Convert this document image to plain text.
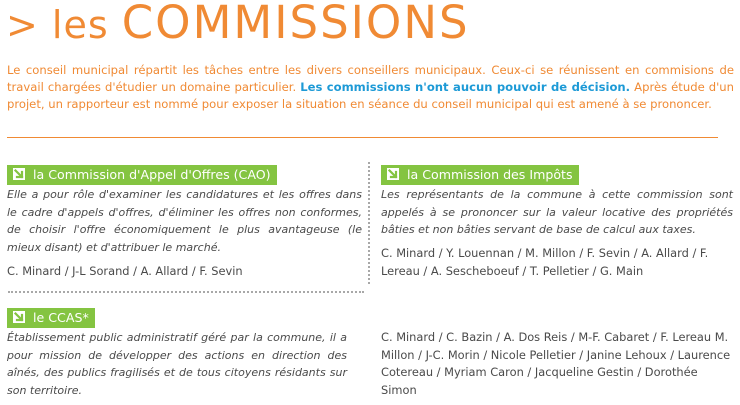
> les COMMISSIONS

Le conseil municipal répartit les tâches entre les divers conseillers municipaux. Ceux-ci se réunissent en commisions de travail chargées d'étudier un domaine particulier. Les commissions n'ont aucun pouvoir de décision. Après étude d'un projet, un rapporteur est nommé pour exposer la situation en séance du conseil municipal qui est amené à se prononcer.

la Commission d'Appel d'Offres (CAO)

Elle a pour rôle d'examiner les candidatures et les offres dans le cadre d'appels d'offres, d'éliminer les offres non conformes, de choisir l'offre économiquement le plus avantageuse (le mieux disant) et d'attribuer le marché.

C. Minard / J-L Sorand / A. Allard / F. Sevin

la Commission des Impôts

Les représentants de la commune à cette commission sont appelés à se prononcer sur la valeur locative des propriétés bâties et non bâties servant de base de calcul aux taxes.

C. Minard / Y. Louennan / M. Millon / F. Sevin / A. Allard / F. Lereau / A. Sescheboeuf / T. Pelletier / G. Main

le CCAS*

Établissement public administratif géré par la commune, il a pour mission de développer des actions en direction des aînés, des publics fragilisés et de tous citoyens résidants sur son territoire.

C. Minard / C. Bazin / A. Dos Reis / M-F. Cabaret / F. Lereau M. Millon / J-C. Morin / Nicole Pelletier / Janine Lehoux / Laurence Cotereau / Myriam Caron / Jacqueline Gestin / Dorothée Simon
